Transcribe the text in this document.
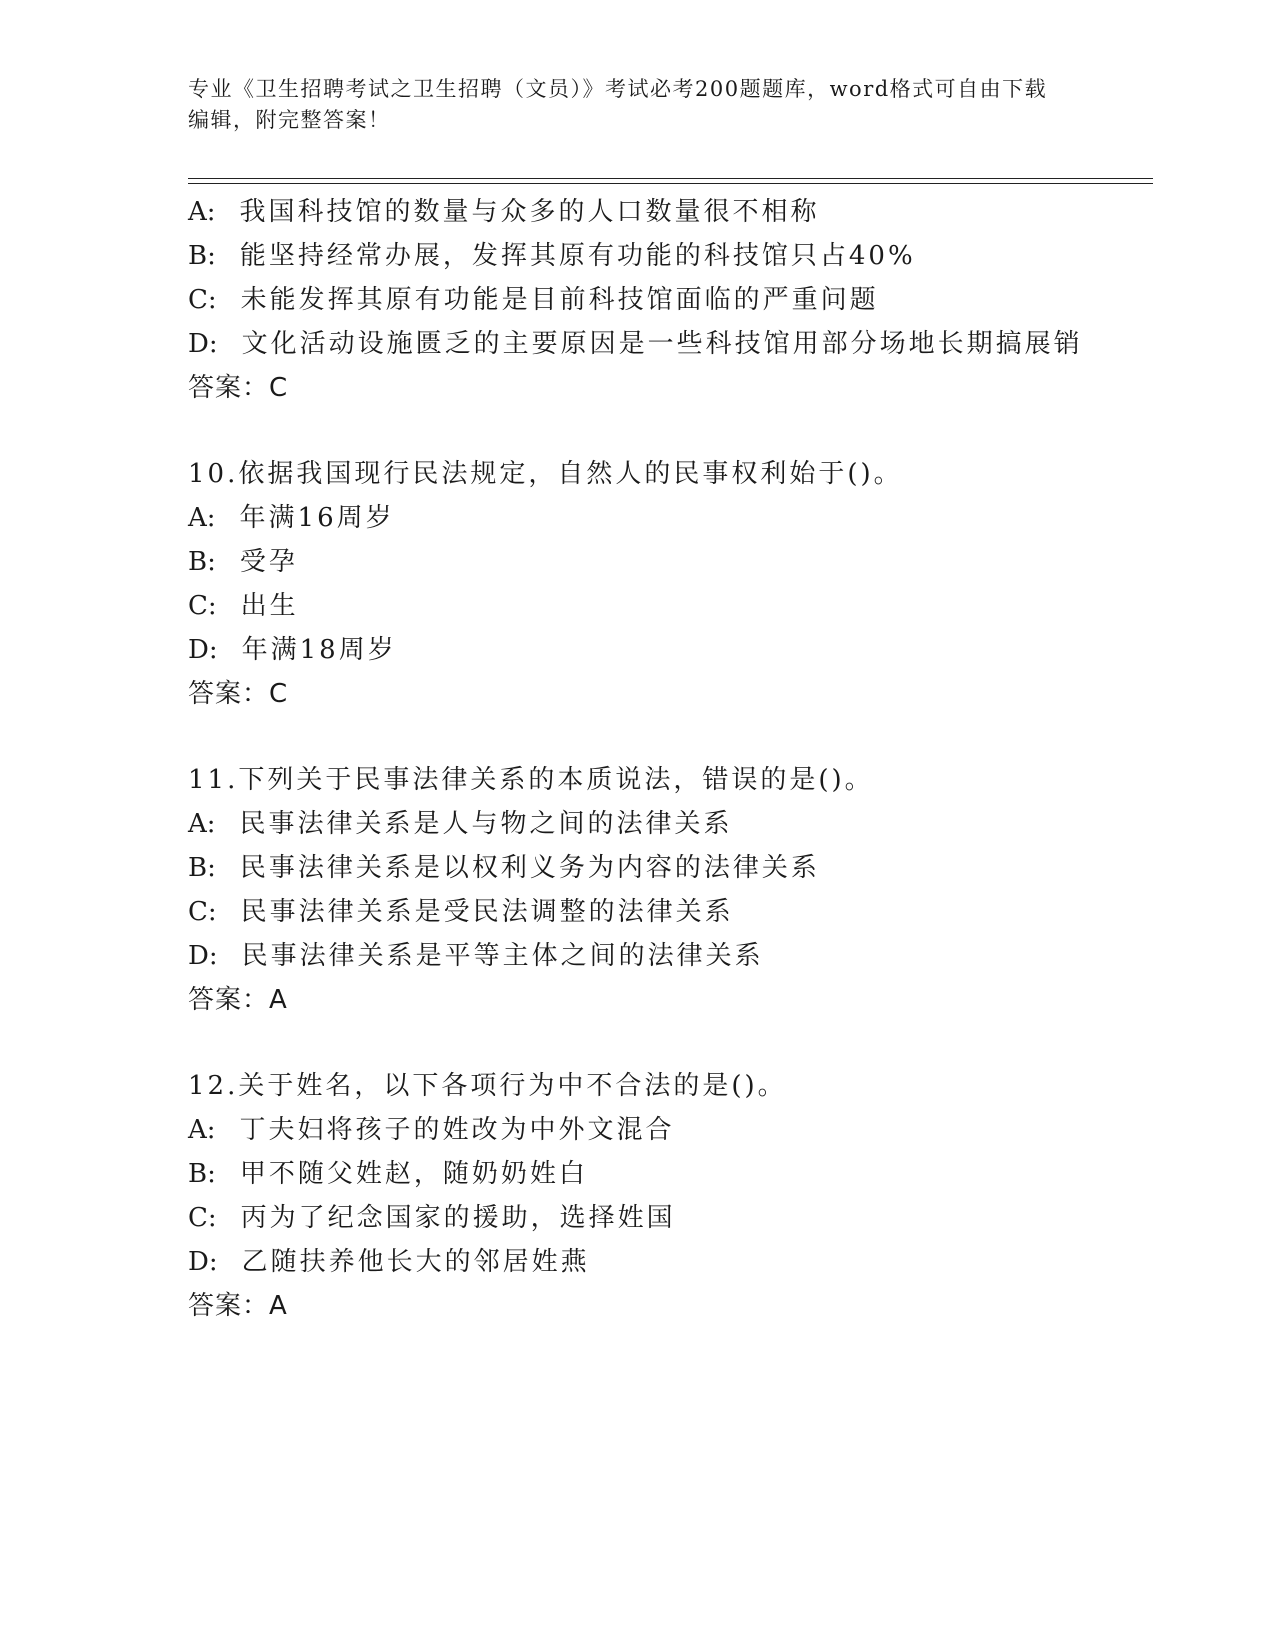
专业《卫生招聘考试之卫生招聘（文员）》考试必考200题题库，word格式可自由下载编辑，附完整答案！
A: 我国科技馆的数量与众多的人口数量很不相称
B: 能坚持经常办展，发挥其原有功能的科技馆只占40%
C: 未能发挥其原有功能是目前科技馆面临的严重问题
D: 文化活动设施匮乏的主要原因是一些科技馆用部分场地长期搞展销
答案：C
10.依据我国现行民法规定，自然人的民事权利始于()。
A: 年满16周岁
B: 受孕
C: 出生
D: 年满18周岁
答案：C
11.下列关于民事法律关系的本质说法，错误的是()。
A: 民事法律关系是人与物之间的法律关系
B: 民事法律关系是以权利义务为内容的法律关系
C: 民事法律关系是受民法调整的法律关系
D: 民事法律关系是平等主体之间的法律关系
答案：A
12.关于姓名，以下各项行为中不合法的是()。
A: 丁夫妇将孩子的姓改为中外文混合
B: 甲不随父姓赵，随奶奶姓白
C: 丙为了纪念国家的援助，选择姓国
D: 乙随扶养他长大的邻居姓燕
答案：A
